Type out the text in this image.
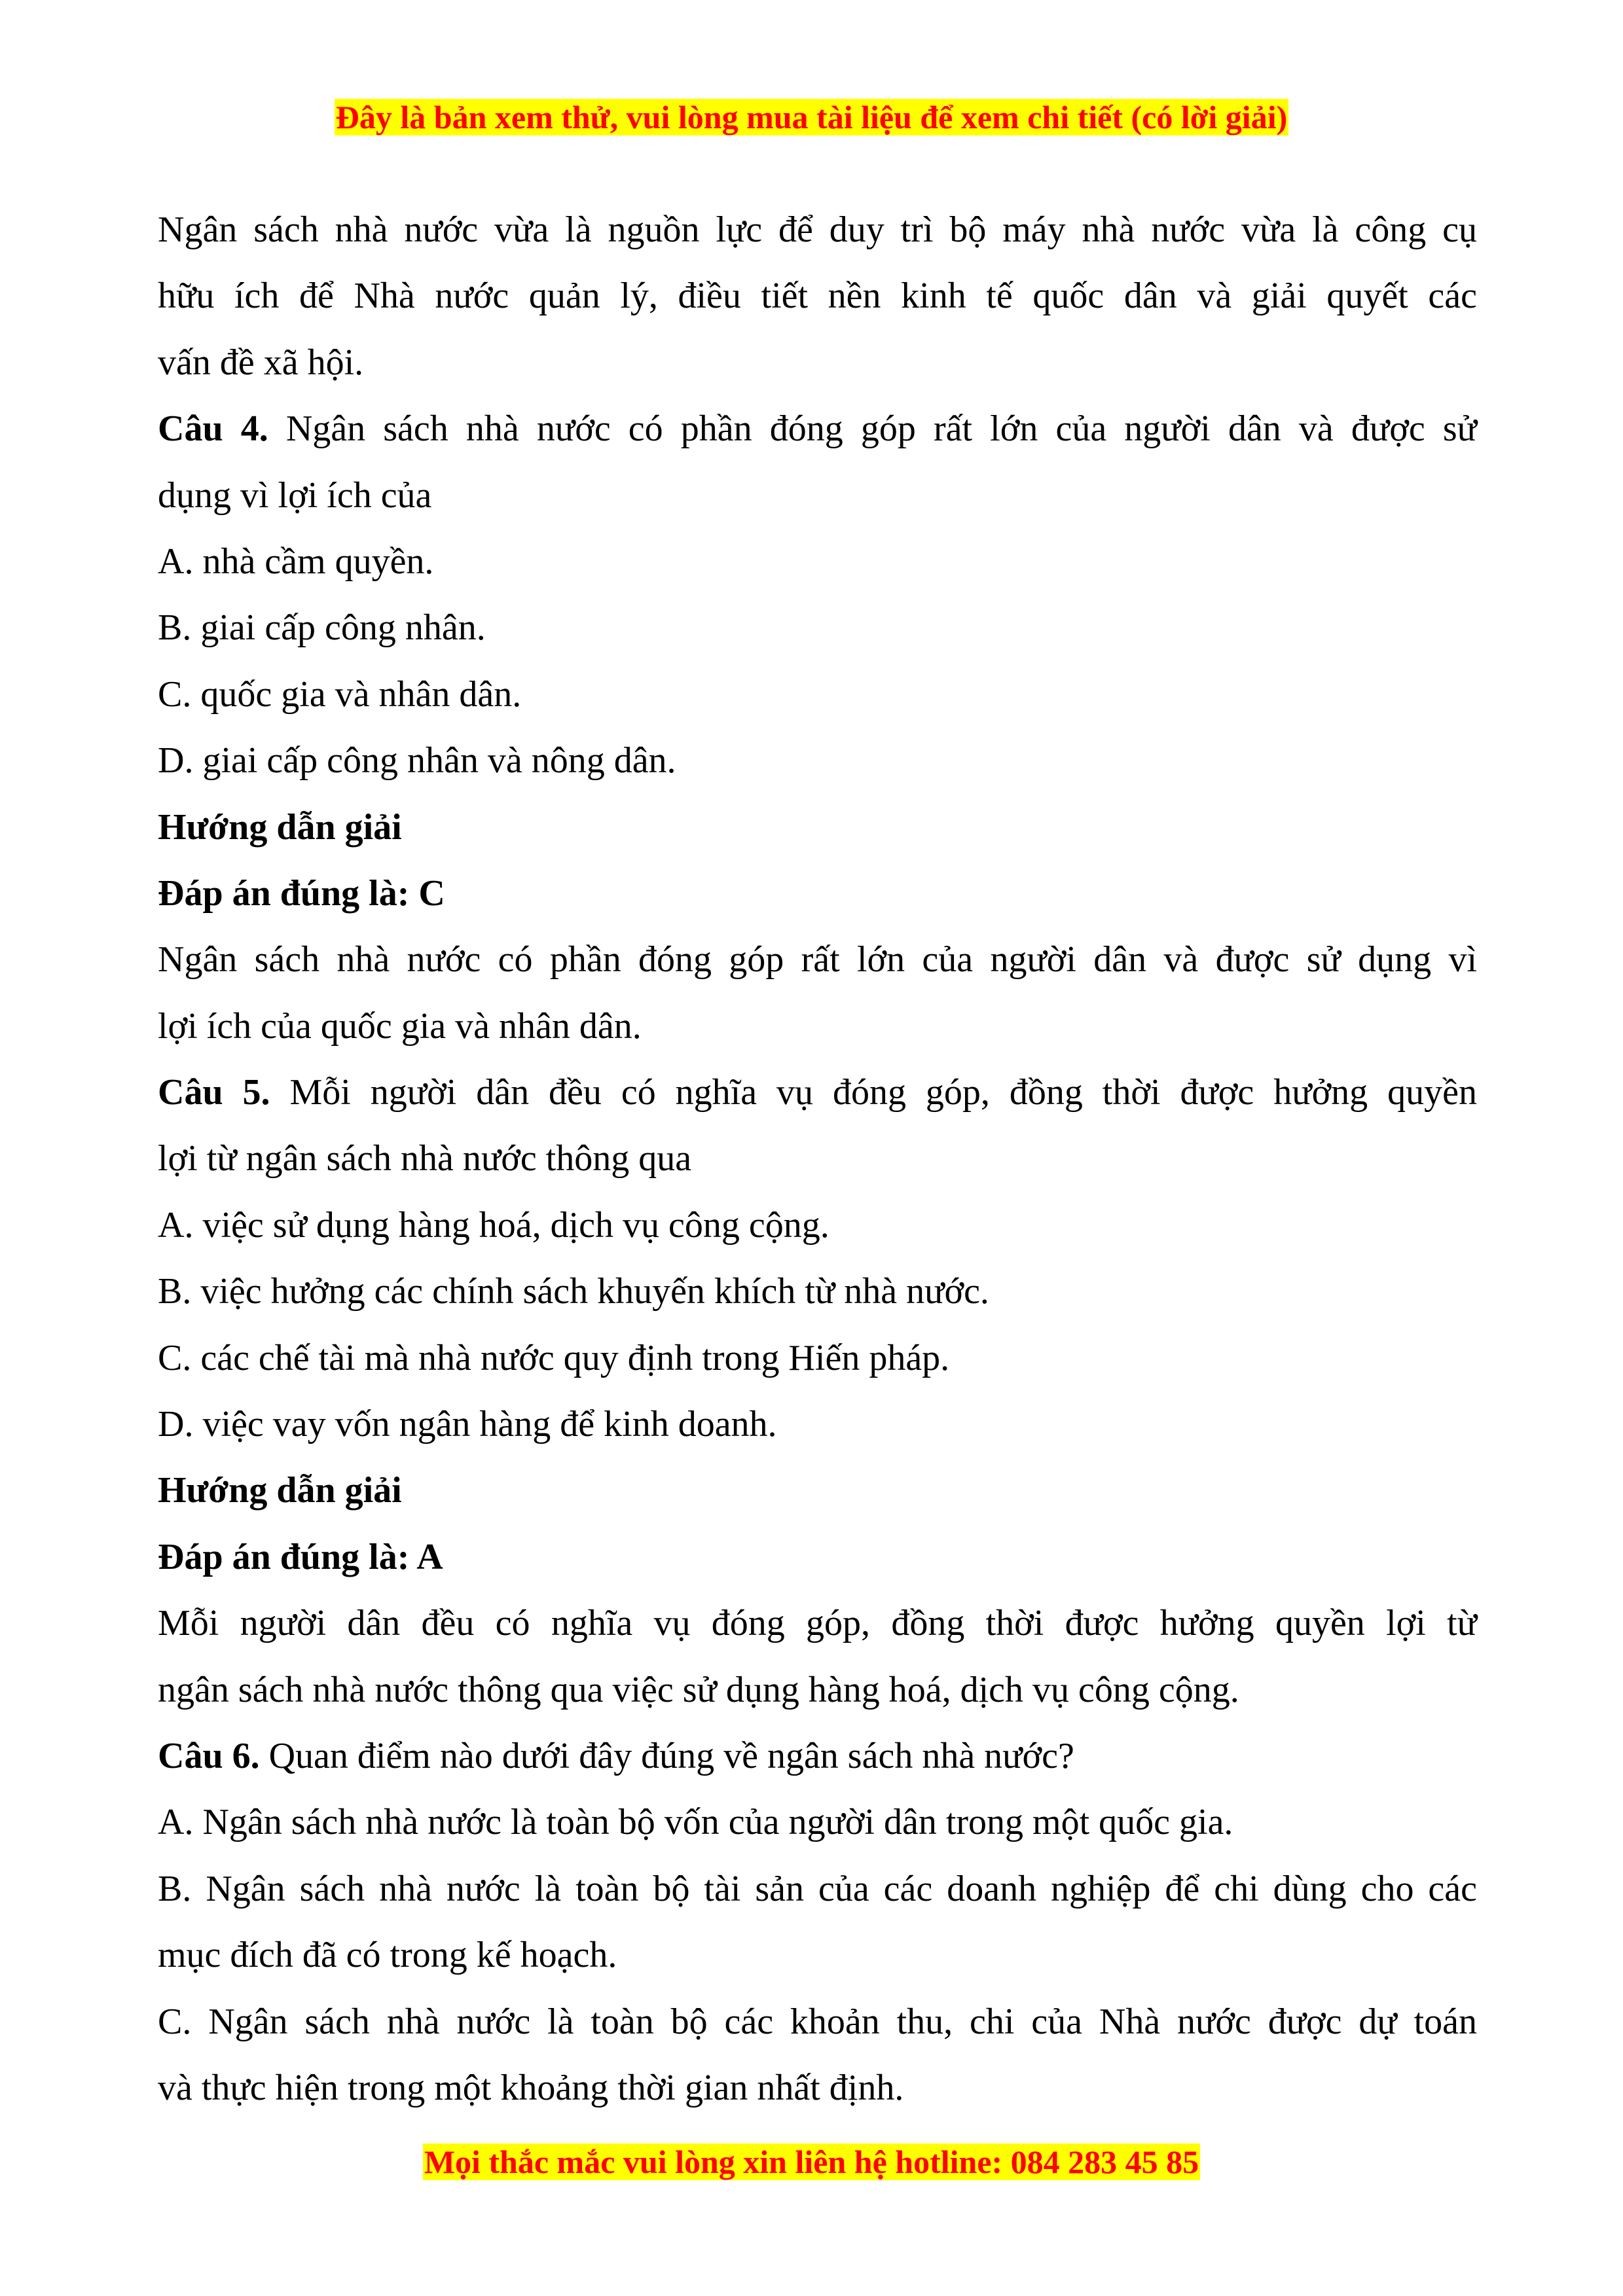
Đây là bản xem thử, vui lòng mua tài liệu để xem chi tiết (có lời giải)
Ngân sách nhà nước vừa là nguồn lực để duy trì bộ máy nhà nước vừa là công cụ
hữu ích để Nhà nước quản lý, điều tiết nền kinh tế quốc dân và giải quyết các
vấn đề xã hội.
Câu 4. Ngân sách nhà nước có phần đóng góp rất lớn của người dân và được sử
dụng vì lợi ích của
A. nhà cầm quyền.
B. giai cấp công nhân.
C. quốc gia và nhân dân.
D. giai cấp công nhân và nông dân.
Hướng dẫn giải
Đáp án đúng là: C
Ngân sách nhà nước có phần đóng góp rất lớn của người dân và được sử dụng vì
lợi ích của quốc gia và nhân dân.
Câu 5. Mỗi người dân đều có nghĩa vụ đóng góp, đồng thời được hưởng quyền
lợi từ ngân sách nhà nước thông qua
A. việc sử dụng hàng hoá, dịch vụ công cộng.
B. việc hưởng các chính sách khuyến khích từ nhà nước.
C. các chế tài mà nhà nước quy định trong Hiến pháp.
D. việc vay vốn ngân hàng để kinh doanh.
Hướng dẫn giải
Đáp án đúng là: A
Mỗi người dân đều có nghĩa vụ đóng góp, đồng thời được hưởng quyền lợi từ
ngân sách nhà nước thông qua việc sử dụng hàng hoá, dịch vụ công cộng.
Câu 6. Quan điểm nào dưới đây đúng về ngân sách nhà nước?
A. Ngân sách nhà nước là toàn bộ vốn của người dân trong một quốc gia.
B. Ngân sách nhà nước là toàn bộ tài sản của các doanh nghiệp để chi dùng cho các
mục đích đã có trong kế hoạch.
C. Ngân sách nhà nước là toàn bộ các khoản thu, chi của Nhà nước được dự toán
và thực hiện trong một khoảng thời gian nhất định.
Mọi thắc mắc vui lòng xin liên hệ hotline: 084 283 45 85
